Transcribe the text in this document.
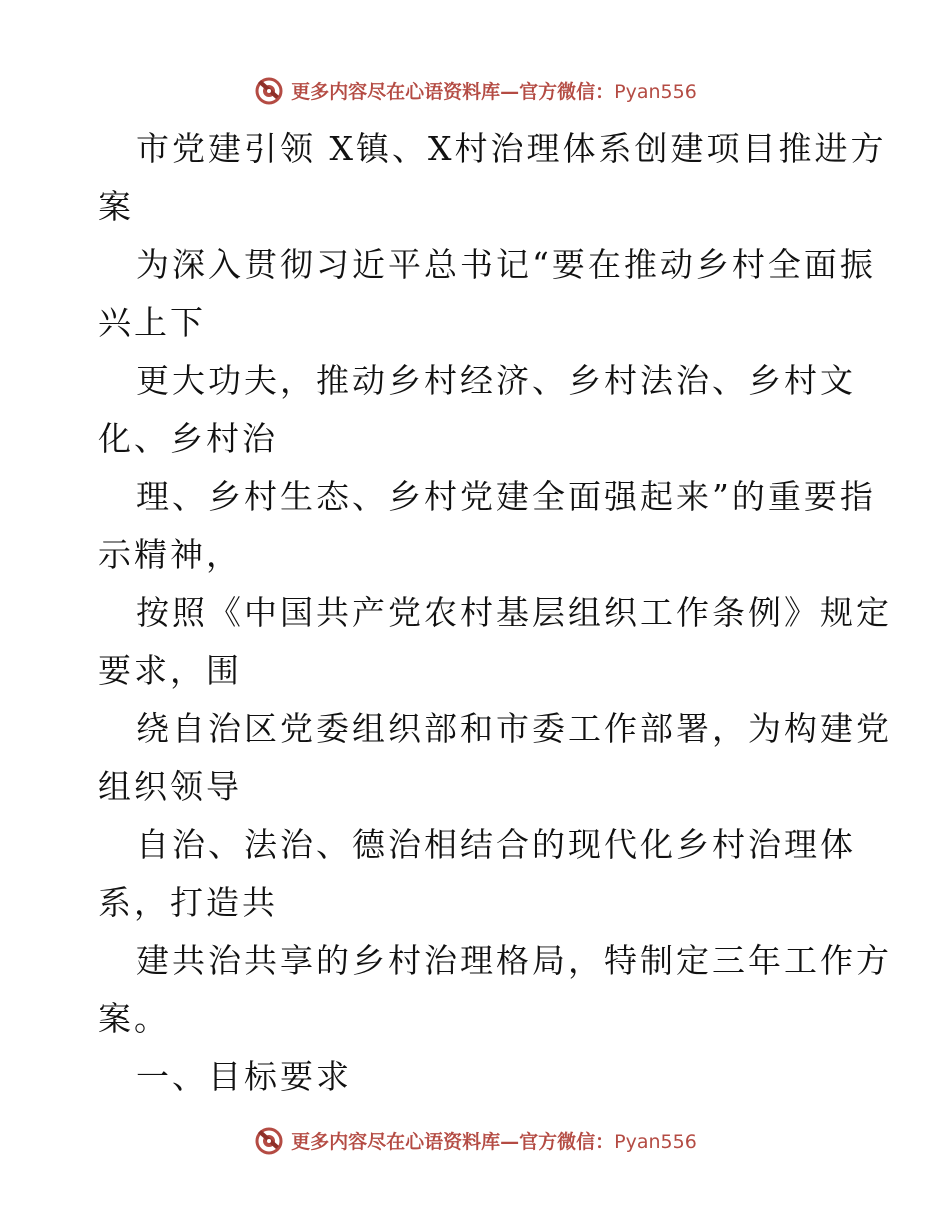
更多内容尽在心语资料库—官方微信：Pyan556

市党建引领 X镇、X村治理体系创建项目推进方

案

为深入贯彻习近平总书记“要在推动乡村全面振

兴上下

更大功夫，推动乡村经济、乡村法治、乡村文

化、乡村治

理、乡村生态、乡村党建全面强起来”的重要指

示精神，

按照《中国共产党农村基层组织工作条例》规定

要求，围

绕自治区党委组织部和市委工作部署，为构建党

组织领导

自治、法治、德治相结合的现代化乡村治理体

系，打造共

建共治共享的乡村治理格局，特制定三年工作方

案。

一、目标要求

更多内容尽在心语资料库—官方微信：Pyan556
